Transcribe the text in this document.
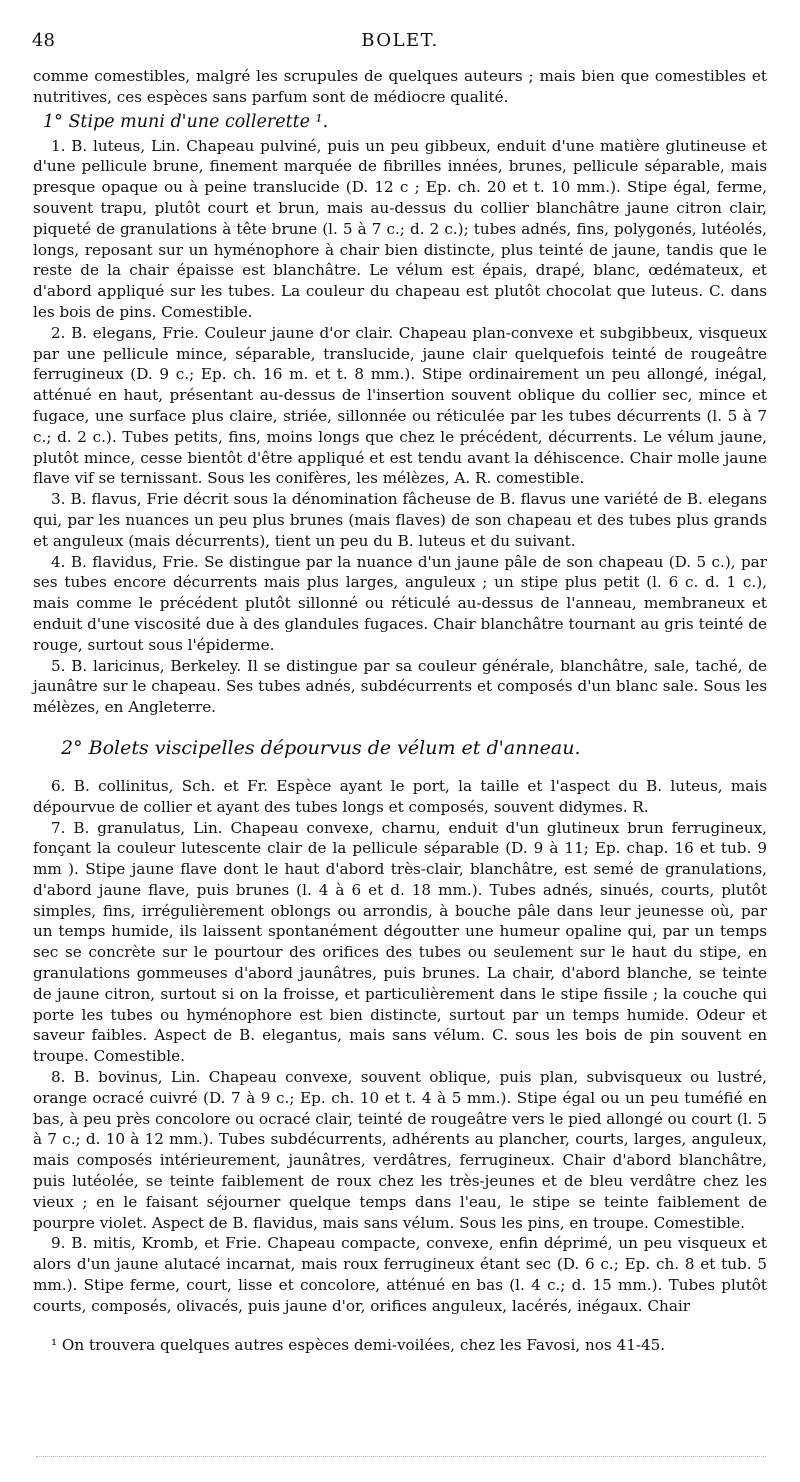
48	BOLET.

comme comestibles, malgré les scrupules de quelques auteurs ; mais bien que comestibles et nutritives, ces espèces sans parfum sont de médiocre qualité.

1° Stipe muni d'une collerette ¹.

1. B. luteus, Lin. Chapeau pulviné, puis un peu gibbeux, enduit d'une matière glutineuse et d'une pellicule brune, finement marquée de fibrilles innées, brunes, pellicule séparable, mais presque opaque ou à peine translucide (D. 12 c ; Ep. ch. 20 et t. 10 mm.). Stipe égal, ferme, souvent trapu, plutôt court et brun, mais au-dessus du collier blanchâtre jaune citron clair, piqueté de granulations à tête brune (l. 5 à 7 c.; d. 2 c.); tubes adnés, fins, polygonés, lutéolés, longs, reposant sur un hyménophore à chair bien distincte, plus teinté de jaune, tandis que le reste de la chair épaisse est blanchâtre. Le vélum est épais, drapé, blanc, œdémateux, et d'abord appliqué sur les tubes. La couleur du chapeau est plutôt chocolat que luteus. C. dans les bois de pins. Comestible.

2. B. elegans, Frie. Couleur jaune d'or clair. Chapeau plan-convexe et subgibbeux, visqueux par une pellicule mince, séparable, translucide, jaune clair quelquefois teinté de rougeâtre ferrugineux (D. 9 c.; Ep. ch. 16 m. et t. 8 mm.). Stipe ordinairement un peu allongé, inégal, atténué en haut, présentant au-dessus de l'insertion souvent oblique du collier sec, mince et fugace, une surface plus claire, striée, sillonnée ou réticulée par les tubes décurrents (l. 5 à 7 c.; d. 2 c.). Tubes petits, fins, moins longs que chez le précédent, décurrents. Le vélum jaune, plutôt mince, cesse bientôt d'être appliqué et est tendu avant la déhiscence. Chair molle jaune flave vif se ternissant. Sous les conifères, les mélèzes, A. R. comestible.

3. B. flavus, Frie décrit sous la dénomination fâcheuse de B. flavus une variété de B. elegans qui, par les nuances un peu plus brunes (mais flaves) de son chapeau et des tubes plus grands et anguleux (mais décurrents), tient un peu du B. luteus et du suivant.

4. B. flavidus, Frie. Se distingue par la nuance d'un jaune pâle de son chapeau (D. 5 c.), par ses tubes encore décurrents mais plus larges, anguleux ; un stipe plus petit (l. 6 c. d. 1 c.), mais comme le précédent plutôt sillonné ou réticulé au-dessus de l'anneau, membraneux et enduit d'une viscosité due à des glandules fugaces. Chair blanchâtre tournant au gris teinté de rouge, surtout sous l'épiderme.

5. B. laricinus, Berkeley. Il se distingue par sa couleur générale, blanchâtre, sale, taché, de jaunâtre sur le chapeau. Ses tubes adnés, subdécurrents et composés d'un blanc sale. Sous les mélèzes, en Angleterre.

2° Bolets viscipelles dépourvus de vélum et d'anneau.

6. B. collinitus, Sch. et Fr. Espèce ayant le port, la taille et l'aspect du B. luteus, mais dépourvue de collier et ayant des tubes longs et composés, souvent didymes. R.

7. B. granulatus, Lin. Chapeau convexe, charnu, enduit d'un glutineux brun ferrugineux, fonçant la couleur lutescente clair de la pellicule séparable (D. 9 à 11; Ep. chap. 16 et tub. 9 mm ). Stipe jaune flave dont le haut d'abord très-clair, blanchâtre, est semé de granulations, d'abord jaune flave, puis brunes (l. 4 à 6 et d. 18 mm.). Tubes adnés, sinués, courts, plutôt simples, fins, irrégulièrement oblongs ou arrondis, à bouche pâle dans leur jeunesse où, par un temps humide, ils laissent spontanément dégoutter une humeur opaline qui, par un temps sec se concrète sur le pourtour des orifices des tubes ou seulement sur le haut du stipe, en granulations gommeuses d'abord jaunâtres, puis brunes. La chair, d'abord blanche, se teinte de jaune citron, surtout si on la froisse, et particulièrement dans le stipe fissile ; la couche qui porte les tubes ou hyménophore est bien distincte, surtout par un temps humide. Odeur et saveur faibles. Aspect de B. elegantus, mais sans vélum. C. sous les bois de pin souvent en troupe. Comestible.

8. B. bovinus, Lin. Chapeau convexe, souvent oblique, puis plan, subvisqueux ou lustré, orange ocracé cuivré (D. 7 à 9 c.; Ep. ch. 10 et t. 4 à 5 mm.). Stipe égal ou un peu tuméfié en bas, à peu près concolore ou ocracé clair, teinté de rougeâtre vers le pied allongé ou court (l. 5 à 7 c.; d. 10 à 12 mm.). Tubes subdécurrents, adhérents au plancher, courts, larges, anguleux, mais composés intérieurement, jaunâtres, verdâtres, ferrugineux. Chair d'abord blanchâtre, puis lutéolée, se teinte faiblement de roux chez les très-jeunes et de bleu verdâtre chez les vieux ; en le faisant séjourner quelque temps dans l'eau, le stipe se teinte faiblement de pourpre violet. Aspect de B. flavidus, mais sans vélum. Sous les pins, en troupe. Comestible.

9. B. mitis, Kromb, et Frie. Chapeau compacte, convexe, enfin déprimé, un peu visqueux et alors d'un jaune alutacé incarnat, mais roux ferrugineux étant sec (D. 6 c.; Ep. ch. 8 et tub. 5 mm.). Stipe ferme, court, lisse et concolore, atténué en bas (l. 4 c.; d. 15 mm.). Tubes plutôt courts, composés, olivacés, puis jaune d'or, orifices anguleux, lacérés, inégaux. Chair

¹ On trouvera quelques autres espèces demi-voilées, chez les Favosi, nos 41-45.
